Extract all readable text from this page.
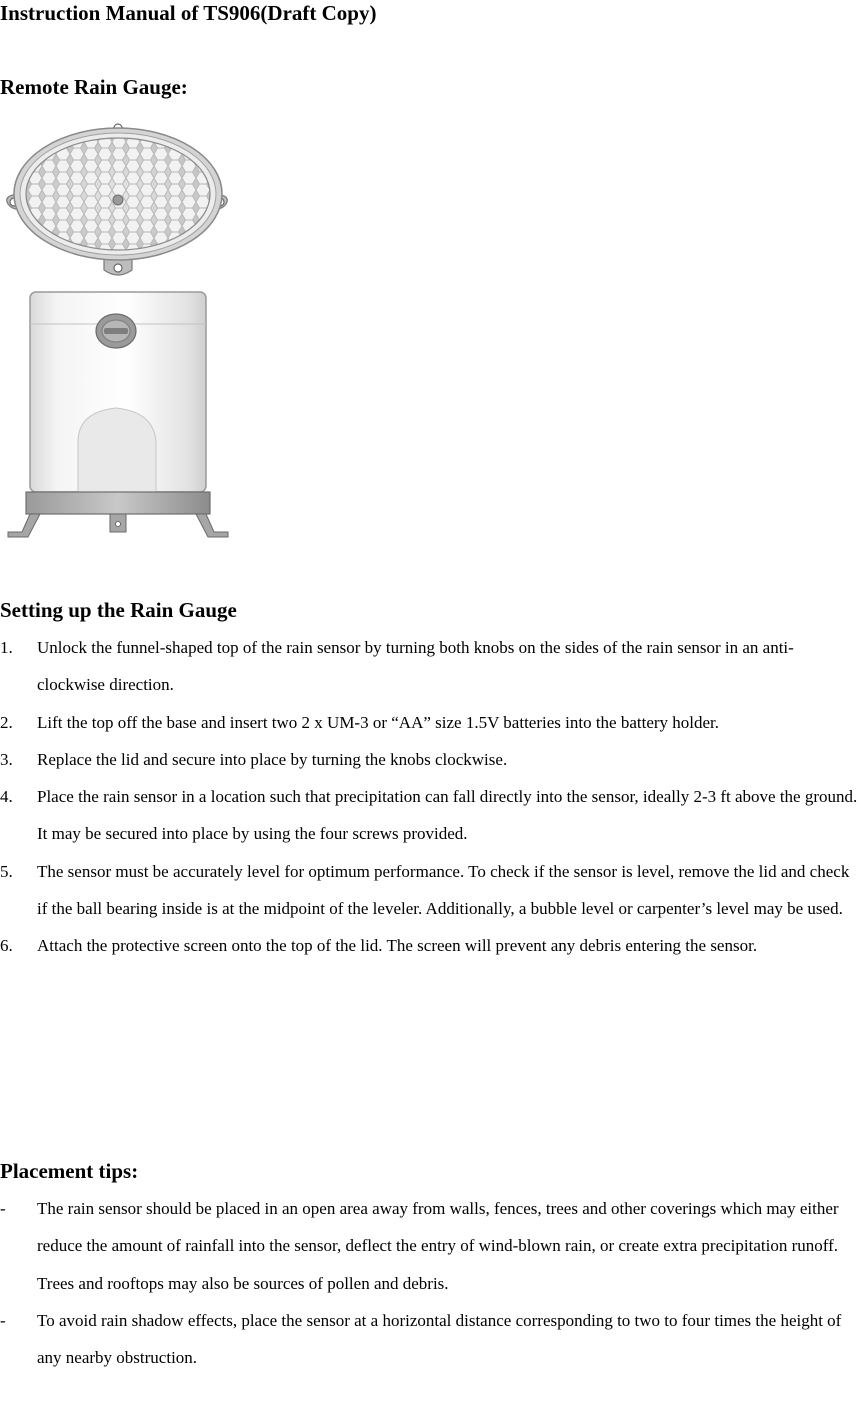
Instruction Manual of TS906(Draft Copy)
Remote Rain Gauge:
Setting up the Rain Gauge
1. Unlock the funnel-shaped top of the rain sensor by turning both knobs on the sides of the rain sensor in an anti-clockwise direction.
2. Lift the top off the base and insert two 2 x UM-3 or “AA” size 1.5V batteries into the battery holder.
3. Replace the lid and secure into place by turning the knobs clockwise.
4. Place the rain sensor in a location such that precipitation can fall directly into the sensor, ideally 2-3 ft above the ground.
It may be secured into place by using the four screws provided.
5. The sensor must be accurately level for optimum performance. To check if the sensor is level, remove the lid and check if the ball bearing inside is at the midpoint of the leveler. Additionally, a bubble level or carpenter’s level may be used.
6. Attach the protective screen onto the top of the lid. The screen will prevent any debris entering the sensor.
Placement tips:
- The rain sensor should be placed in an open area away from walls, fences, trees and other coverings which may either reduce the amount of rainfall into the sensor, deflect the entry of wind-blown rain, or create extra precipitation runoff. Trees and rooftops may also be sources of pollen and debris.
- To avoid rain shadow effects, place the sensor at a horizontal distance corresponding to two to four times the height of any nearby obstruction.
